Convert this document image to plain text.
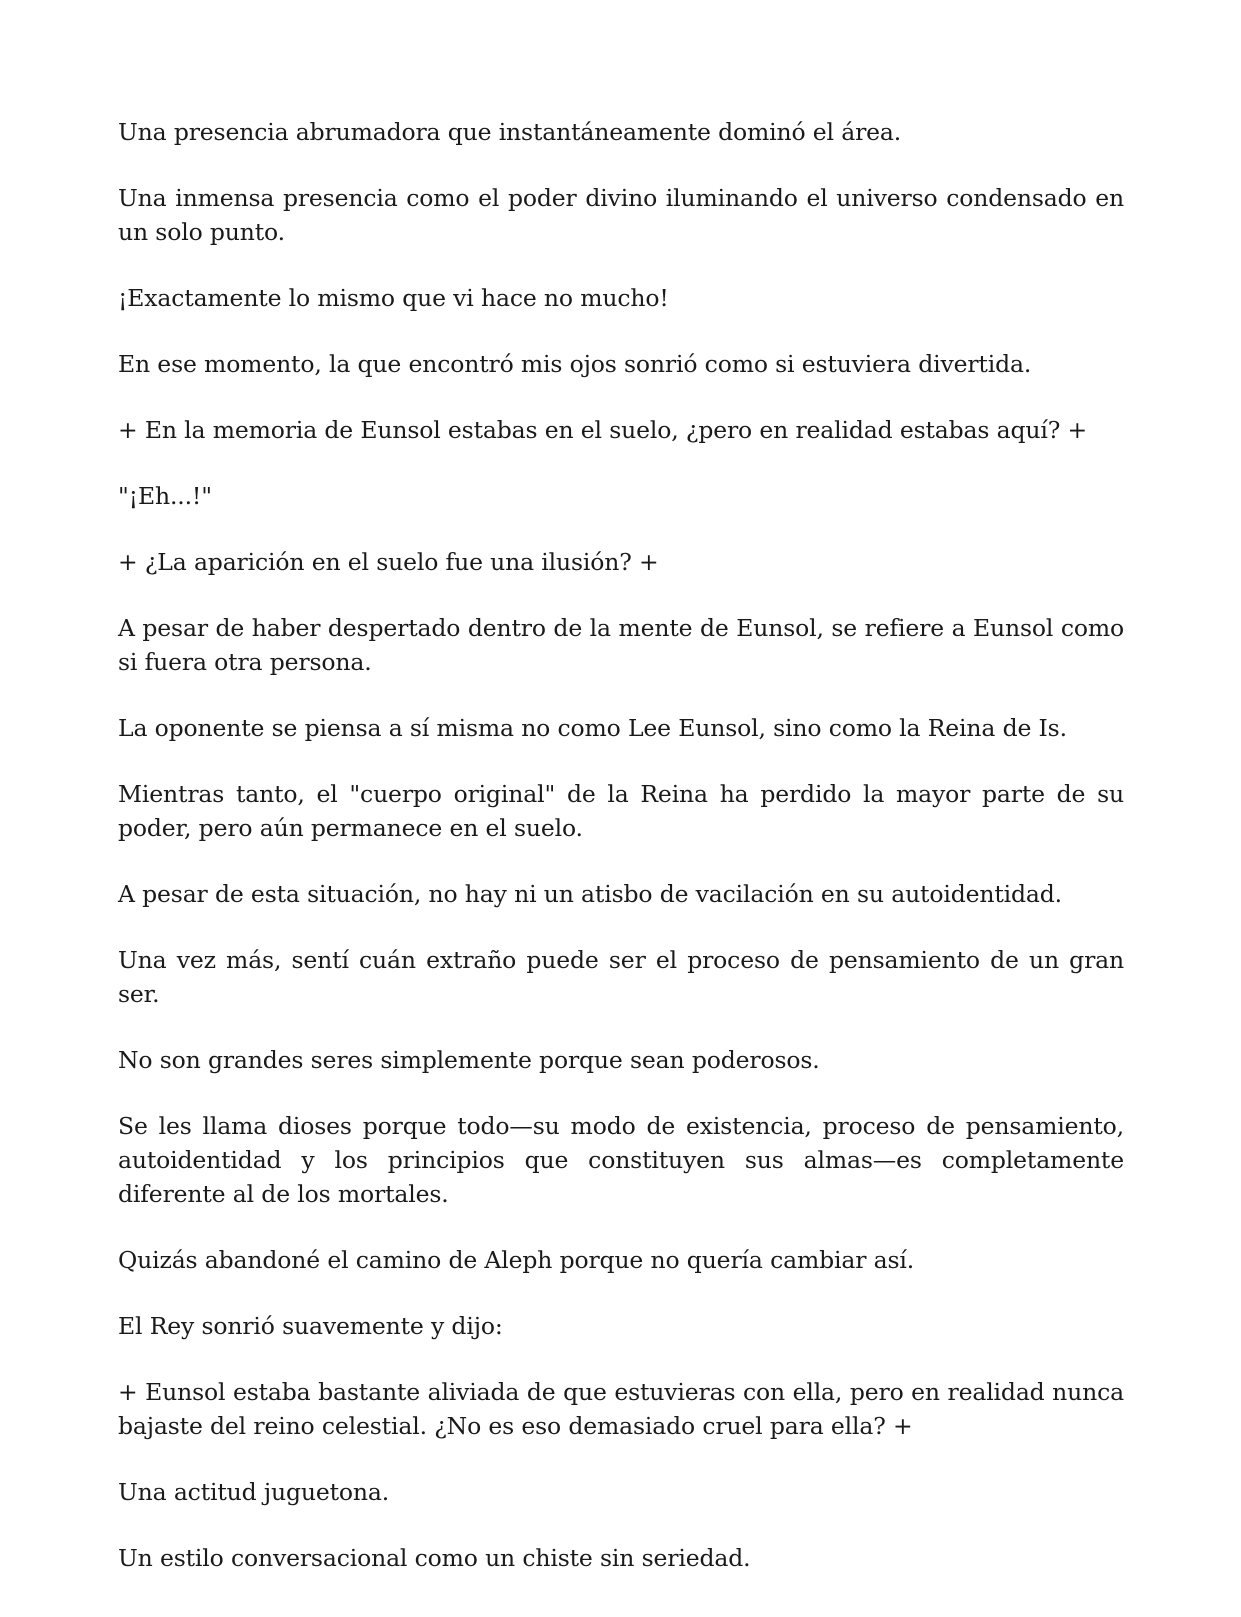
Una presencia abrumadora que instantáneamente dominó el área.

Una inmensa presencia como el poder divino iluminando el universo condensado en un solo punto.

¡Exactamente lo mismo que vi hace no mucho!

En ese momento, la que encontró mis ojos sonrió como si estuviera divertida.

+ En la memoria de Eunsol estabas en el suelo, ¿pero en realidad estabas aquí? +

"¡Eh...!"

+ ¿La aparición en el suelo fue una ilusión? +

A pesar de haber despertado dentro de la mente de Eunsol, se refiere a Eunsol como si fuera otra persona.

La oponente se piensa a sí misma no como Lee Eunsol, sino como la Reina de Is.

Mientras tanto, el "cuerpo original" de la Reina ha perdido la mayor parte de su poder, pero aún permanece en el suelo.

A pesar de esta situación, no hay ni un atisbo de vacilación en su autoidentidad.

Una vez más, sentí cuán extraño puede ser el proceso de pensamiento de un gran ser.

No son grandes seres simplemente porque sean poderosos.

Se les llama dioses porque todo—su modo de existencia, proceso de pensamiento, autoidentidad y los principios que constituyen sus almas—es completamente diferente al de los mortales.

Quizás abandoné el camino de Aleph porque no quería cambiar así.

El Rey sonrió suavemente y dijo:

+ Eunsol estaba bastante aliviada de que estuvieras con ella, pero en realidad nunca bajaste del reino celestial. ¿No es eso demasiado cruel para ella? +

Una actitud juguetona.

Un estilo conversacional como un chiste sin seriedad.
